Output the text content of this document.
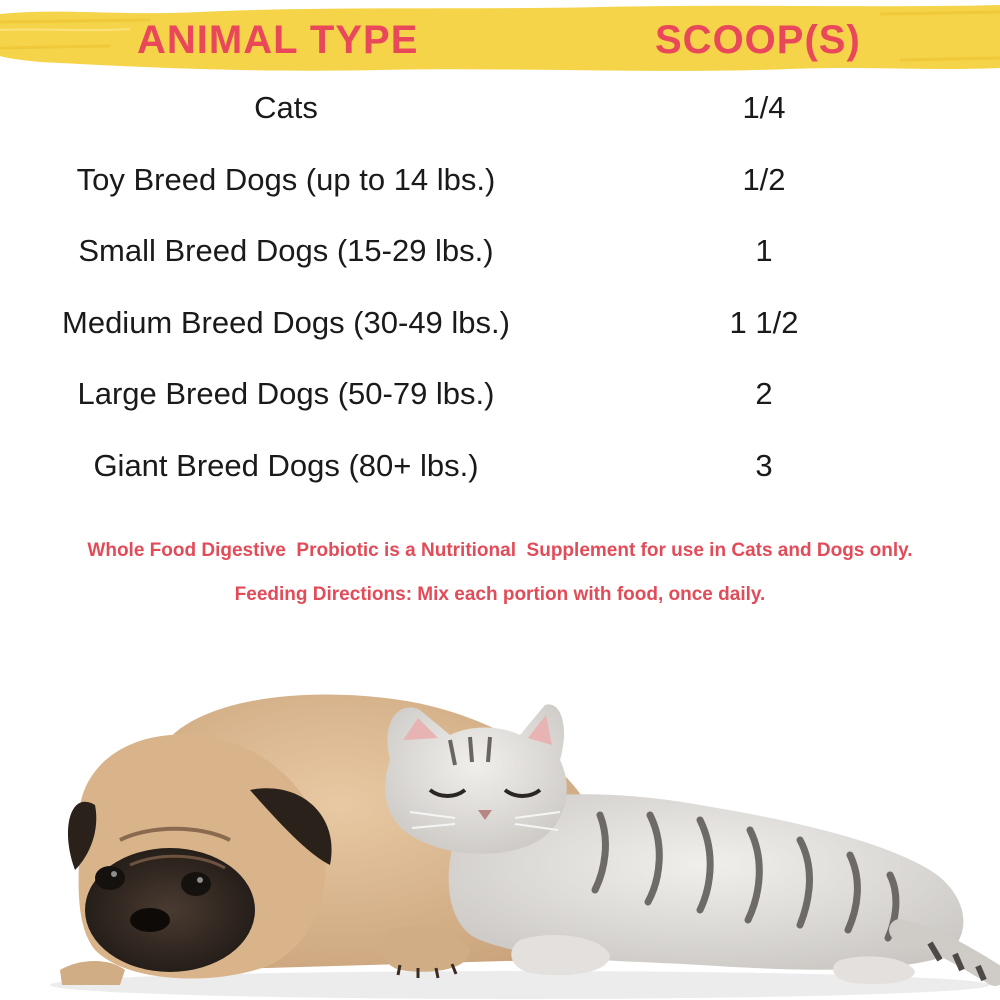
ANIMAL TYPE	SCOOP(S)
Cats	1/4
Toy Breed Dogs (up to 14 lbs.)	1/2
Small Breed Dogs (15-29 lbs.)	1
Medium Breed Dogs (30-49 lbs.)	1 1/2
Large Breed Dogs (50-79 lbs.)	2
Giant Breed Dogs (80+ lbs.)	3
Whole Food Digestive  Probiotic is a Nutritional  Supplement for use in Cats and Dogs only.
Feeding Directions: Mix each portion with food, once daily.
